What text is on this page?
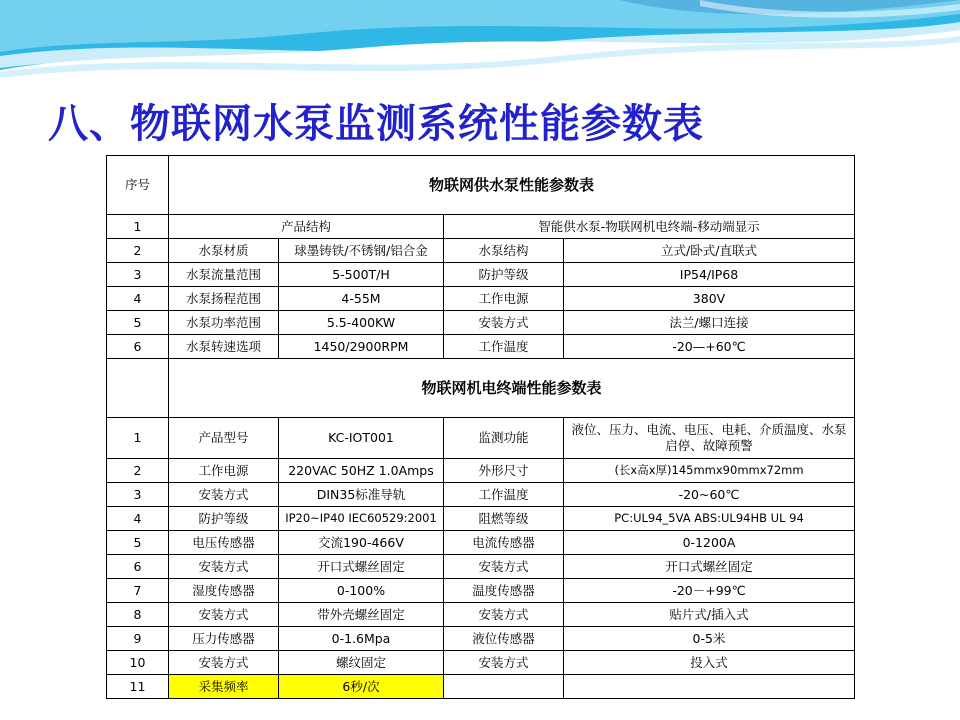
八、物联网水泵监测系统性能参数表
序号	物联网供水泵性能参数表			
1	产品结构		智能供水泵-物联网机电终端-移动端显示	
2	水泵材质	球墨铸铁/不锈钢/铝合金	水泵结构	立式/卧式/直联式
3	水泵流量范围	5-500T/H	防护等级	IP54/IP68
4	水泵扬程范围	4-55M	工作电源	380V
5	水泵功率范围	5.5-400KW	安装方式	法兰/螺口连接
6	水泵转速选项	1450/2900RPM	工作温度	-20—+60℃
	物联网机电终端性能参数表			
1	产品型号	KC-IOT001	监测功能	液位、压力、电流、电压、电耗、介质温度、水泵启停、故障预警
2	工作电源	220VAC 50HZ 1.0Amps	外形尺寸	(长x高x厚)145mmx90mmx72mm
3	安装方式	DIN35标准导轨	工作温度	-20~60℃
4	防护等级	IP20~IP40 IEC60529:2001	阻燃等级	PC:UL94_5VA ABS:UL94HB UL 94
5	电压传感器	交流190-466V	电流传感器	0-1200A
6	安装方式	开口式螺丝固定	安装方式	开口式螺丝固定
7	湿度传感器	0-100%	温度传感器	-20－+99℃
8	安装方式	带外壳螺丝固定	安装方式	贴片式/插入式
9	压力传感器	0-1.6Mpa	液位传感器	0-5米
10	安装方式	螺纹固定	安装方式	投入式
11	采集频率	6秒/次		
